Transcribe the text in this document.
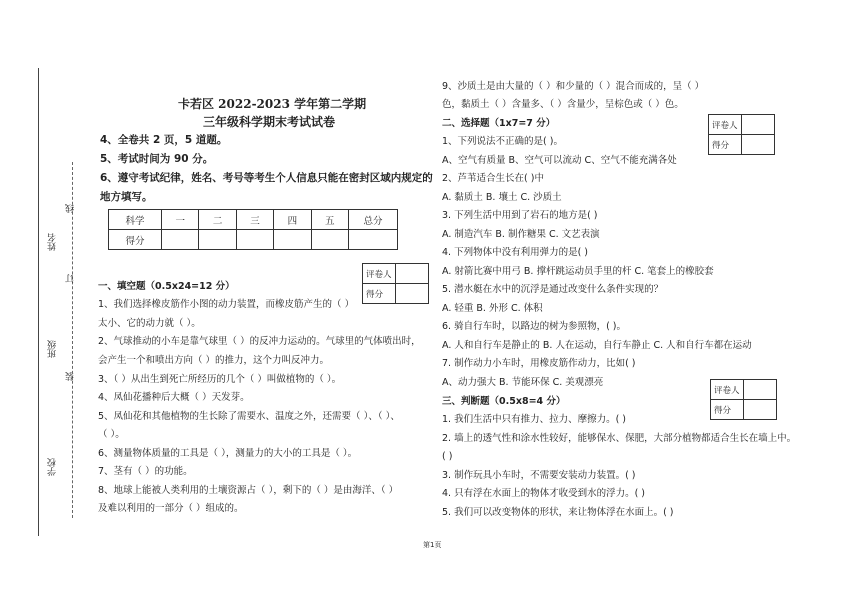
线
订
装
姓名
班级
学校
卡若区 2022-2023 学年第二学期
三年级科学期末考试试卷
4、全卷共 2 页，5 道题。
5、考试时间为 90 分。
6、遵守考试纪律，姓名、考号等考生个人信息只能在密封区域内规定的
地方填写。
科学	一	二	三	四	五	总分
得分						
评卷人	
得分	
一、填空题（0.5x24=12 分）
1、我们选择橡皮筋作小图的动力装置，而橡皮筋产生的（ ）
太小、它的动力就（ ）。
2、气球推动的小车是靠气球里（ ）的反冲力运动的。气球里的气体喷出时，
会产生一个和喷出方向（ ）的推力，这个力叫反冲力。
3、（ ）从出生到死亡所经历的几个（ ）叫做植物的（ ）。
4、凤仙花播种后大概（ ）天发芽。
5、凤仙花和其他植物的生长除了需要水、温度之外，还需要（ ）、（ ）、
（ ）。
6、测量物体质量的工具是（ ），测量力的大小的工具是（ ）。
7、茎有（ ）的功能。
8、地球上能被人类利用的土壤资源占（ ），剩下的（ ）是由海洋、（ ）
及难以利用的一部分（ ）组成的。
9、沙质土是由大量的（ ）和少量的（ ）混合而成的，呈（ ）
色，黏质土（ ）含量多、（ ）含量少，呈棕色或（ ）色。
评卷人	
得分	
二、选择题（1x7=7 分）
1、下列说法不正确的是( )。
A、空气有质量 B、空气可以流动 C、空气不能充满各处
2、芦苇适合生长在( )中
A. 黏质土 B. 壤土 C. 沙质土
3. 下列生活中用到了岩石的地方是( )
A. 制造汽车 B. 制作糖果 C. 文艺表演
4. 下列物体中没有利用弹力的是( )
A. 射箭比赛中用弓 B. 撑杆跳运动员手里的杆 C. 笔套上的橡胶套
5. 潜水艇在水中的沉浮是通过改变什么条件实现的？
A. 轻重 B. 外形 C. 体积
6. 骑自行车时，以路边的树为参照物，( )。
A. 人和自行车是静止的 B. 人在运动，自行车静止 C. 人和自行车都在运动
7. 制作动力小车时，用橡皮筋作动力，比如( )
A、动力强大 B. 节能环保 C. 美观漂亮
评卷人	
得分	
三、判断题（0.5x8=4 分）
1. 我们生活中只有推力、拉力、摩擦力。( )
2. 墙上的透气性和涂水性较好，能够保水、保肥，大部分植物都适合生长在墙上中。
( )
3. 制作玩具小车时，不需要安装动力装置。( )
4. 只有浮在水面上的物体才收受到水的浮力。( )
5. 我们可以改变物体的形状，来让物体浮在水面上。( )
第1页
